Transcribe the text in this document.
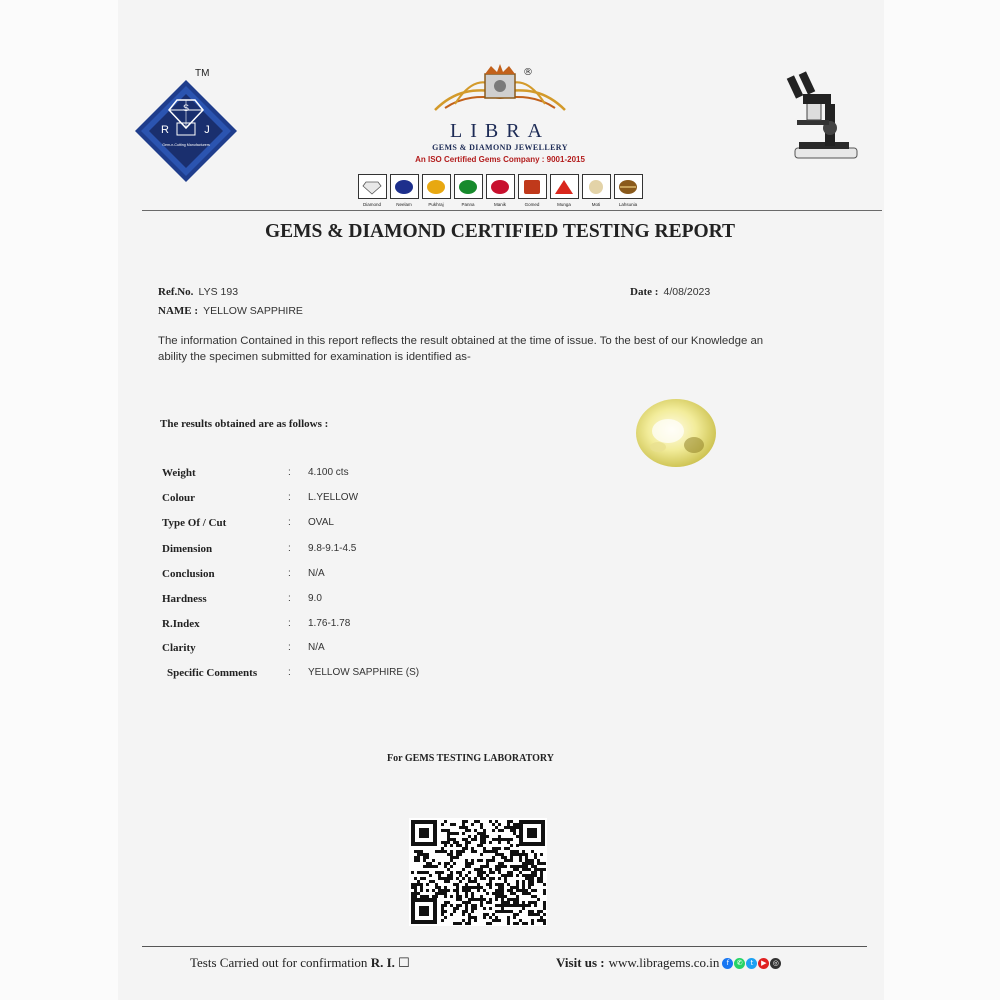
TM
S
R	J
Gem-n-Cutting Manufacturers
®
LIBRA
GEMS & DIAMOND JEWELLERY
An ISO Certified Gems Company : 9001-2015
Diamond	Neelam	Pukhraj	Panna	Manik	Gomed	Munga	Moti	Lahsunia
GEMS & DIAMOND CERTIFIED TESTING REPORT
Ref.No. LYS 193
NAME : YELLOW SAPPHIRE
Date : 4/08/2023
The information Contained in this report reflects the result obtained at the time of issue. To the best of our Knowledge an ability the specimen submitted for examination is identified as-
The results obtained are as follows :
Weight	: 4.100 cts
Colour	: L.YELLOW
Type Of / Cut	: OVAL
Dimension	: 9.8-9.1-4.5
Conclusion	: N/A
Hardness	: 9.0
R.Index	: 1.76-1.78
Clarity	: N/A
Specific Comments	: YELLOW SAPPHIRE (S)
For GEMS TESTING LABORATORY
Tests Carried out for confirmation R. I. ☐	Visit us : www.libragems.co.in	f	✆	t	▶ ◎
